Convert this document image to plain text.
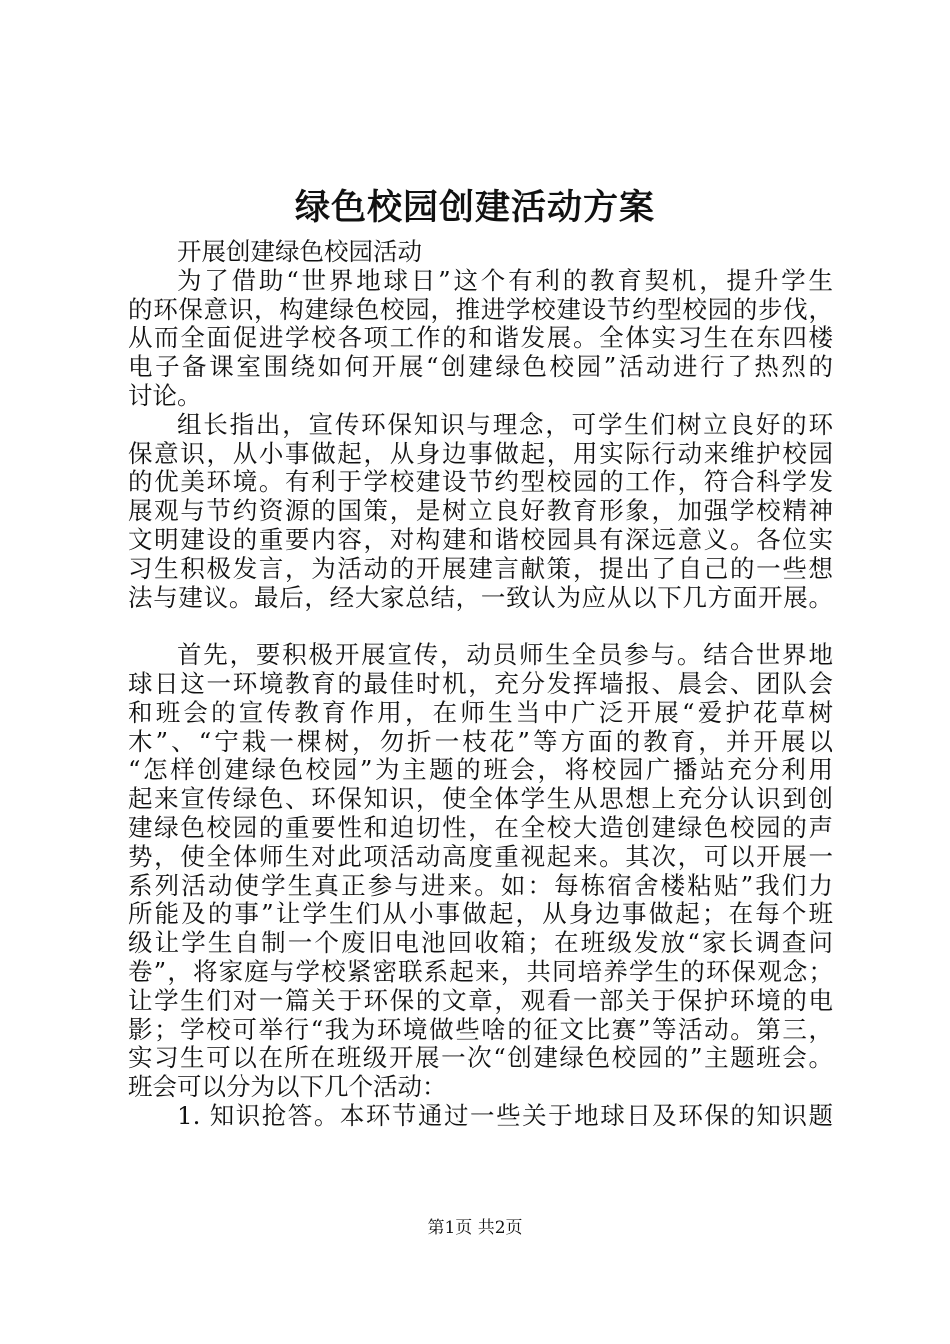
绿色校园创建活动方案
开展创建绿色校园活动
为了借助“世界地球日”这个有利的教育契机，提升学生
的环保意识，构建绿色校园，推进学校建设节约型校园的步伐，
从而全面促进学校各项工作的和谐发展。全体实习生在东四楼
电子备课室围绕如何开展“创建绿色校园”活动进行了热烈的
讨论。
组长指出，宣传环保知识与理念，可学生们树立良好的环
保意识，从小事做起，从身边事做起，用实际行动来维护校园
的优美环境。有利于学校建设节约型校园的工作，符合科学发
展观与节约资源的国策，是树立良好教育形象，加强学校精神
文明建设的重要内容，对构建和谐校园具有深远意义。各位实
习生积极发言，为活动的开展建言献策，提出了自己的一些想
法与建议。最后，经大家总结，一致认为应从以下几方面开展。
首先，要积极开展宣传，动员师生全员参与。结合世界地
球日这一环境教育的最佳时机，充分发挥墙报、晨会、团队会
和班会的宣传教育作用，在师生当中广泛开展“爱护花草树
木”、“宁栽一棵树，勿折一枝花”等方面的教育，并开展以
“怎样创建绿色校园”为主题的班会，将校园广播站充分利用
起来宣传绿色、环保知识，使全体学生从思想上充分认识到创
建绿色校园的重要性和迫切性，在全校大造创建绿色校园的声
势，使全体师生对此项活动高度重视起来。其次，可以开展一
系列活动使学生真正参与进来。如：每栋宿舍楼粘贴”我们力
所能及的事”让学生们从小事做起，从身边事做起；在每个班
级让学生自制一个废旧电池回收箱；在班级发放“家长调查问
卷”，将家庭与学校紧密联系起来，共同培养学生的环保观念；
让学生们对一篇关于环保的文章，观看一部关于保护环境的电
影；学校可举行“我为环境做些啥的征文比赛”等活动。第三，
实习生可以在所在班级开展一次“创建绿色校园的”主题班会。
班会可以分为以下几个活动：
1. 知识抢答。本环节通过一些关于地球日及环保的知识题
第1页 共2页
